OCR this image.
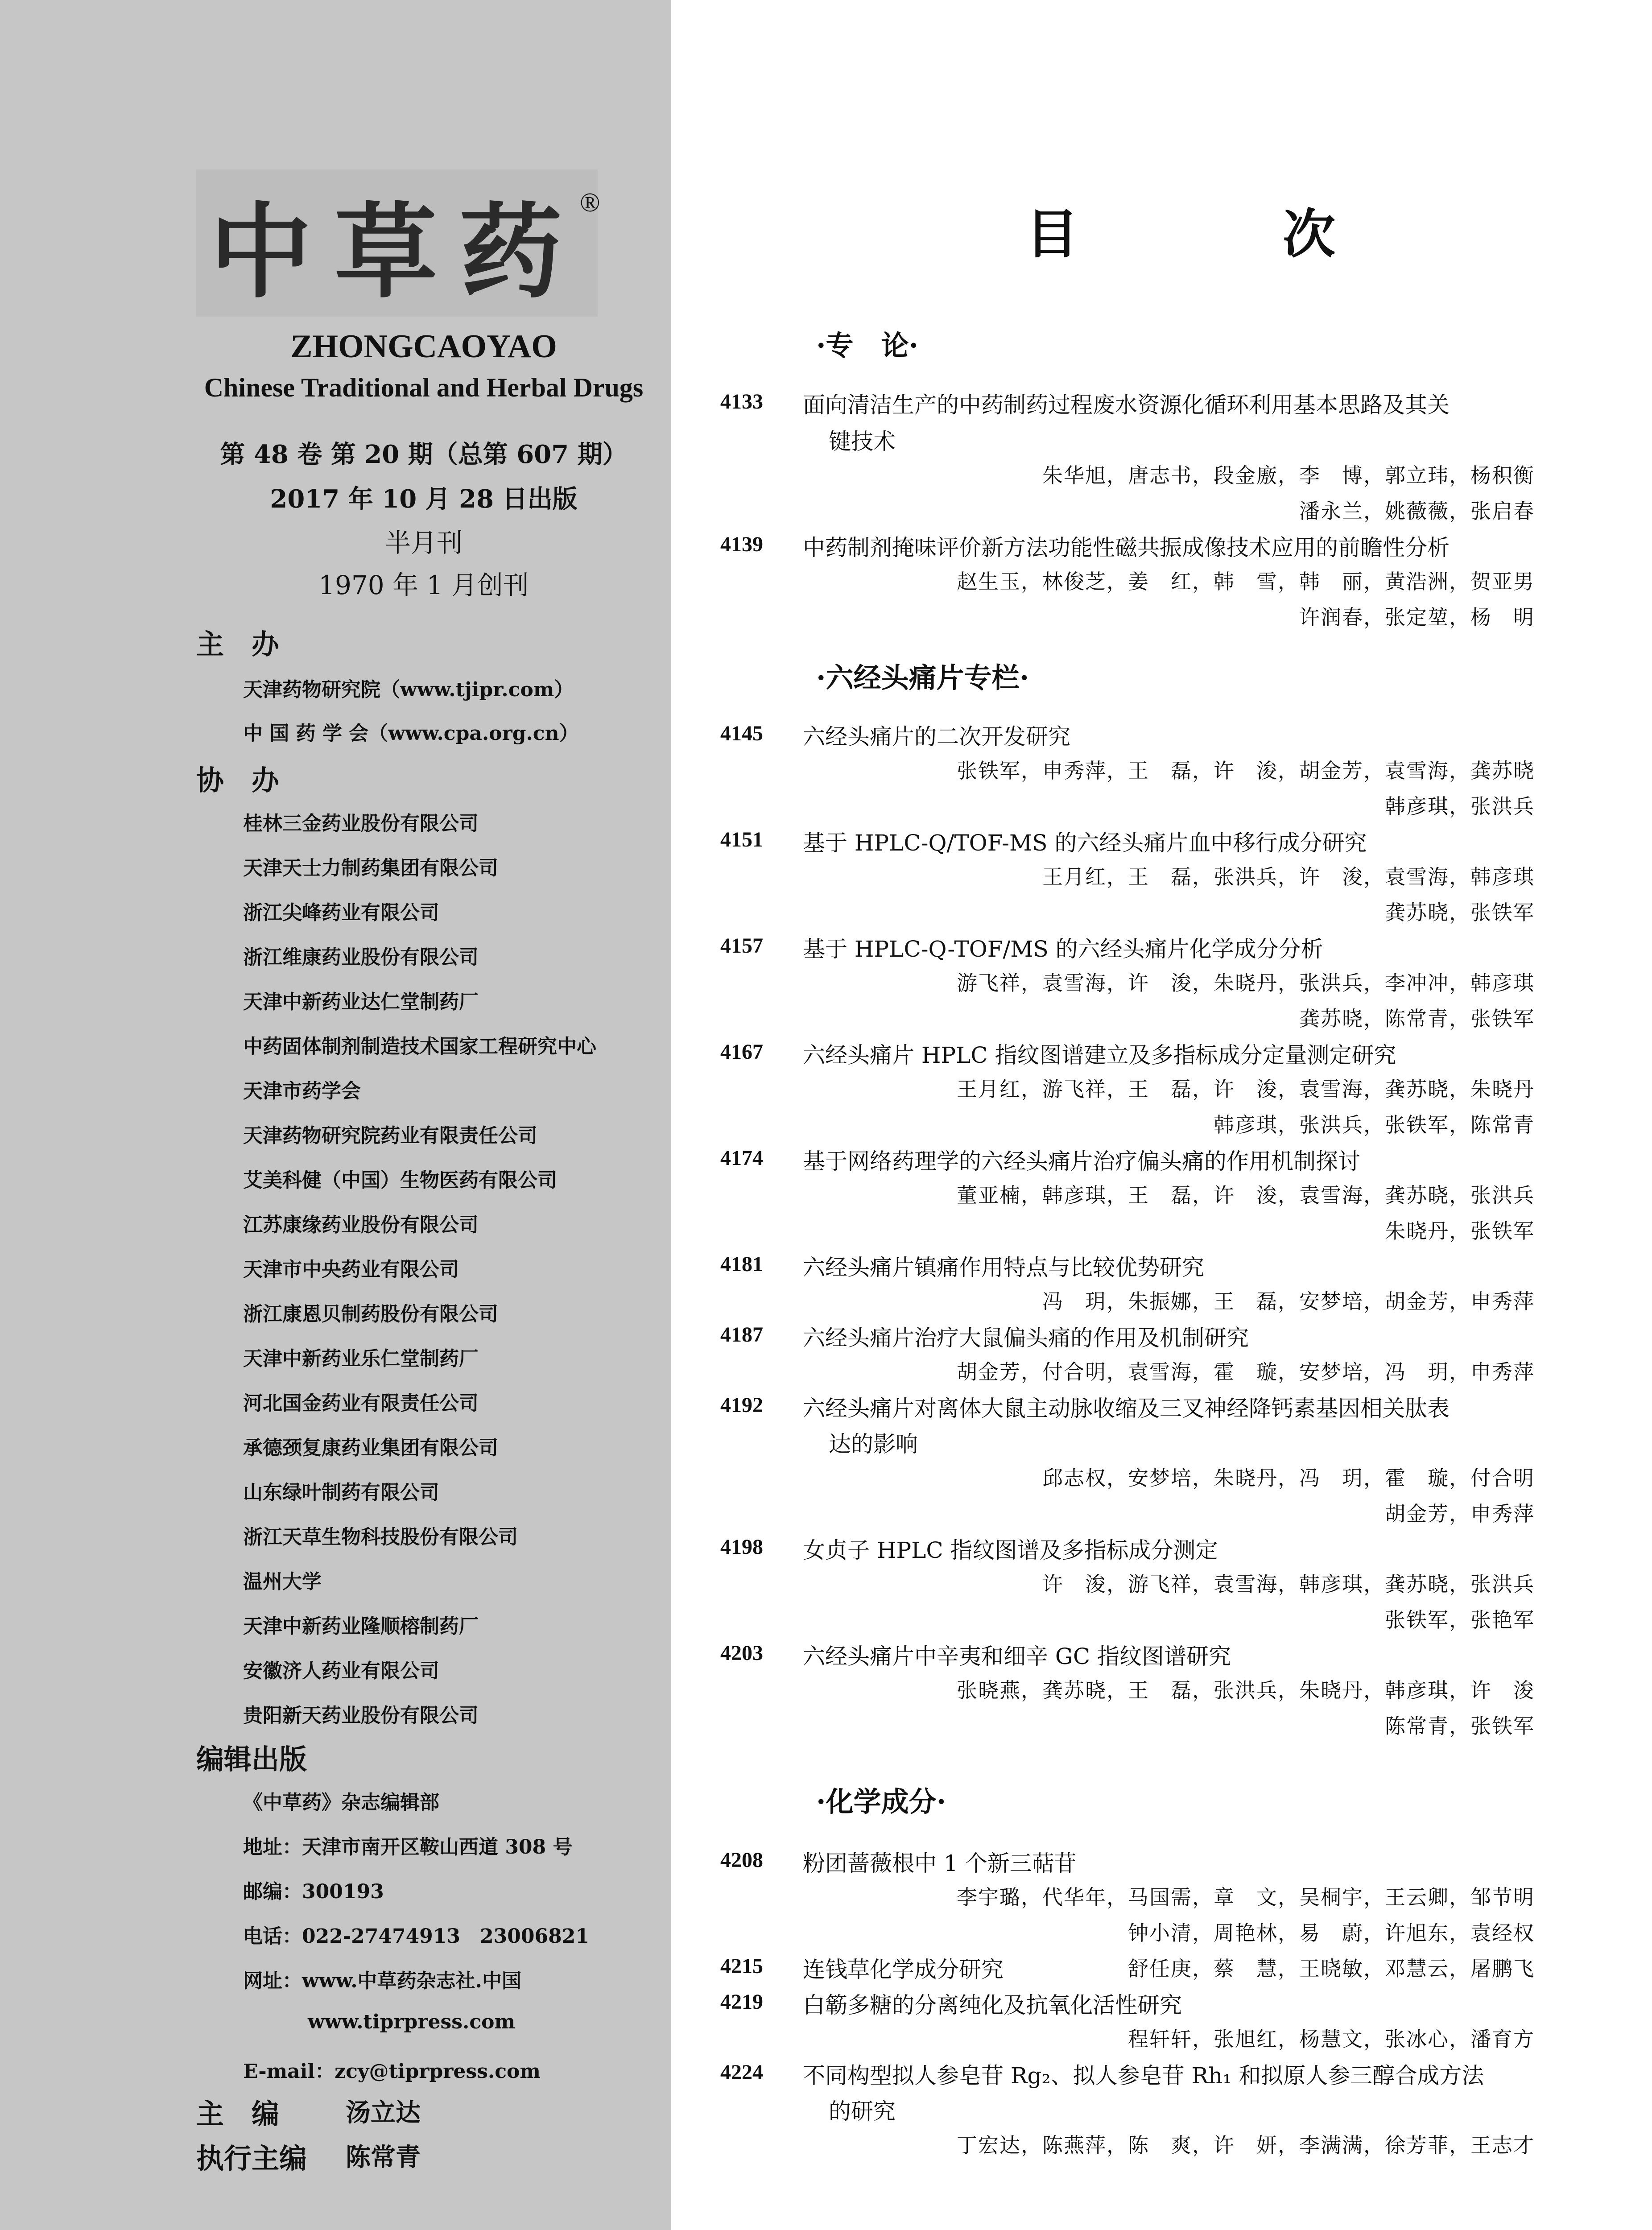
中草药
®
ZHONGCAOYAO
Chinese Traditional and Herbal Drugs
第 48 卷 第 20 期（总第 607 期）
2017 年 10 月 28 日出版
半月刊
1970 年 1 月创刊
主　办
天津药物研究院（www.tjipr.com）
中 国 药 学 会（www.cpa.org.cn）
协　办
桂林三金药业股份有限公司
天津天士力制药集团有限公司
浙江尖峰药业有限公司
浙江维康药业股份有限公司
天津中新药业达仁堂制药厂
中药固体制剂制造技术国家工程研究中心
天津市药学会
天津药物研究院药业有限责任公司
艾美科健（中国）生物医药有限公司
江苏康缘药业股份有限公司
天津市中央药业有限公司
浙江康恩贝制药股份有限公司
天津中新药业乐仁堂制药厂
河北国金药业有限责任公司
承德颈复康药业集团有限公司
山东绿叶制药有限公司
浙江天草生物科技股份有限公司
温州大学
天津中新药业隆顺榕制药厂
安徽济人药业有限公司
贵阳新天药业股份有限公司
编辑出版
《中草药》杂志编辑部
地址：天津市南开区鞍山西道 308 号
邮编：300193
电话：022-27474913　23006821
网址：www.中草药杂志社.中国
www.tiprpress.com
E-mail：zcy@tiprpress.com
主　编	汤立达
执行主编 陈常青
目　次
·专　论·
4133 面向清洁生产的中药制药过程废水资源化循环利用基本思路及其关
键技术
朱华旭，唐志书，段金廒，李　博，郭立玮，杨积衡
潘永兰，姚薇薇，张启春
4139 中药制剂掩味评价新方法功能性磁共振成像技术应用的前瞻性分析
赵生玉，林俊芝，姜　红，韩　雪，韩　丽，黄浩洲，贺亚男
许润春，张定堃，杨　明
·六经头痛片专栏·
4145 六经头痛片的二次开发研究
张铁军，申秀萍，王　磊，许　浚，胡金芳，袁雪海，龚苏晓
韩彦琪，张洪兵
4151 基于 HPLC-Q/TOF-MS 的六经头痛片血中移行成分研究
王月红，王　磊，张洪兵，许　浚，袁雪海，韩彦琪
龚苏晓，张铁军
4157 基于 HPLC-Q-TOF/MS 的六经头痛片化学成分分析
游飞祥，袁雪海，许　浚，朱晓丹，张洪兵，李冲冲，韩彦琪
龚苏晓，陈常青，张铁军
4167 六经头痛片 HPLC 指纹图谱建立及多指标成分定量测定研究
王月红，游飞祥，王　磊，许　浚，袁雪海，龚苏晓，朱晓丹
韩彦琪，张洪兵，张铁军，陈常青
4174 基于网络药理学的六经头痛片治疗偏头痛的作用机制探讨
董亚楠，韩彦琪，王　磊，许　浚，袁雪海，龚苏晓，张洪兵
朱晓丹，张铁军
4181 六经头痛片镇痛作用特点与比较优势研究
冯　玥，朱振娜，王　磊，安梦培，胡金芳，申秀萍
4187 六经头痛片治疗大鼠偏头痛的作用及机制研究
胡金芳，付合明，袁雪海，霍　璇，安梦培，冯　玥，申秀萍
4192 六经头痛片对离体大鼠主动脉收缩及三叉神经降钙素基因相关肽表
达的影响
邱志权，安梦培，朱晓丹，冯　玥，霍　璇，付合明
胡金芳，申秀萍
4198 女贞子 HPLC 指纹图谱及多指标成分测定
许　浚，游飞祥，袁雪海，韩彦琪，龚苏晓，张洪兵
张铁军，张艳军
4203 六经头痛片中辛夷和细辛 GC 指纹图谱研究
张晓燕，龚苏晓，王　磊，张洪兵，朱晓丹，韩彦琪，许　浚
陈常青，张铁军
·化学成分·
4208 粉团蔷薇根中 1 个新三萜苷
李宇璐，代华年，马国需，章　文，吴桐宇，王云卿，邹节明
钟小清，周艳林，易　蔚，许旭东，袁经权
4215 连钱草化学成分研究	舒任庚，蔡　慧，王晓敏，邓慧云，屠鹏飞
4219 白簕多糖的分离纯化及抗氧化活性研究
程轩轩，张旭红，杨慧文，张冰心，潘育方
4224 不同构型拟人参皂苷 Rg₂、拟人参皂苷 Rh₁ 和拟原人参三醇合成方法
的研究
丁宏达，陈燕萍，陈　爽，许　妍，李满满，徐芳菲，王志才
